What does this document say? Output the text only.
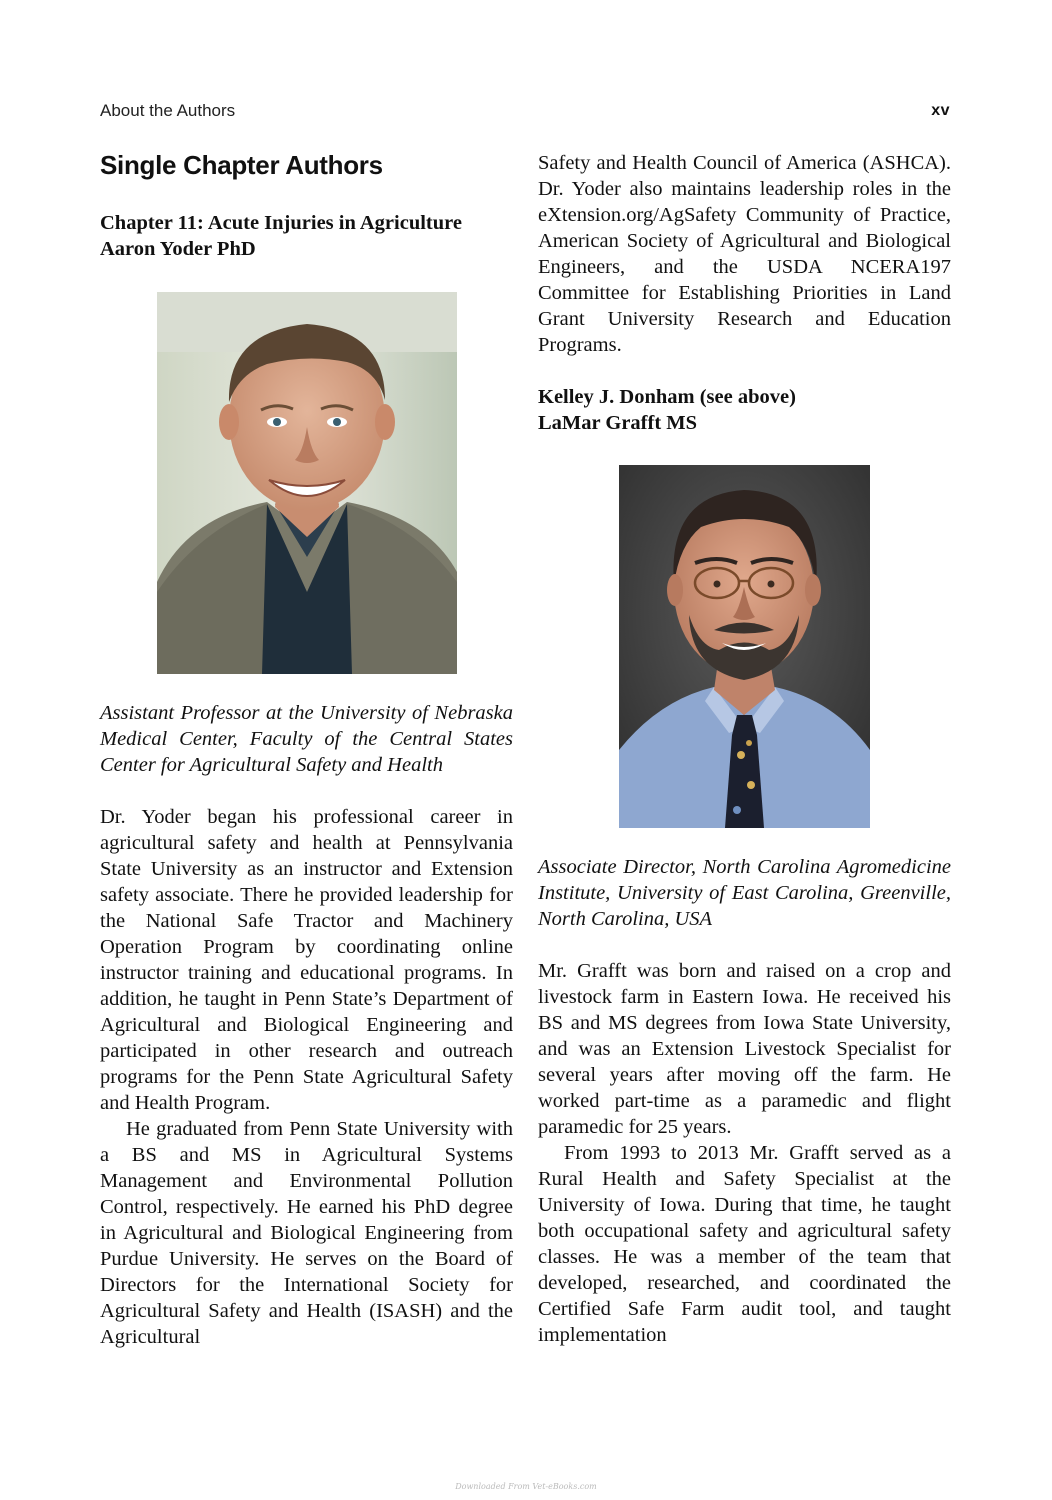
About the Authors	xv
Single Chapter Authors

Chapter 11: Acute Injuries in Agriculture

Aaron Yoder PhD

Assistant Professor at the University of Nebraska Medical Center, Faculty of the Central States Center for Agricultural Safety and Health

Dr. Yoder began his professional career in agricultural safety and health at Pennsylvania State University as an instructor and Extension safety associate. There he provided leadership for the National Safe Tractor and Machinery Operation Program by coordinating online instructor training and educational programs. In addition, he taught in Penn State’s Department of Agricultural and Biological Engineering and participated in other research and outreach programs for the Penn State Agricultural Safety and Health Program.

He graduated from Penn State University with a BS and MS in Agricultural Systems Management and Environmental Pollution Control, respectively. He earned his PhD degree in Agricultural and Biological Engineering from Purdue University. He serves on the Board of Directors for the International Society for Agricultural Safety and Health (ISASH) and the Agricultural

Safety and Health Council of America (ASHCA). Dr. Yoder also maintains leadership roles in the eXtension.org/AgSafety Community of Practice, American Society of Agricultural and Biological Engineers, and the USDA NCERA197 Committee for Establishing Priorities in Land Grant University Research and Education Programs.

Kelley J. Donham (see above)

LaMar Grafft MS

Associate Director, North Carolina Agromedicine Institute, University of East Carolina, Greenville, North Carolina, USA

Mr. Grafft was born and raised on a crop and livestock farm in Eastern Iowa. He received his BS and MS degrees from Iowa State University, and was an Extension Livestock Specialist for several years after moving off the farm. He worked part-time as a paramedic and flight paramedic for 25 years.

From 1993 to 2013 Mr. Grafft served as a Rural Health and Safety Specialist at the University of Iowa. During that time, he taught both occupational safety and agricultural safety classes. He was a member of the team that developed, researched, and coordinated the Certified Safe Farm audit tool, and taught implementation

Downloaded From Vet-eBooks.com
